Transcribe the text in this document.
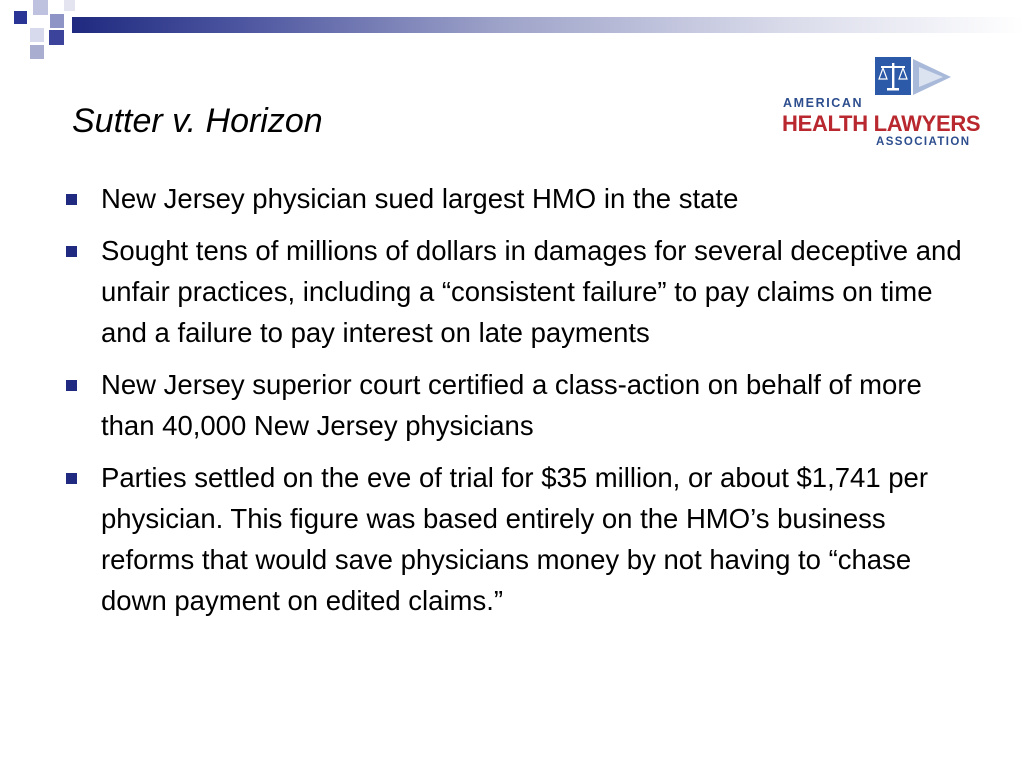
Sutter v. Horizon	AMERICAN
HEALTH LAWYERS
ASSOCIATION
New Jersey physician sued largest HMO in the state
Sought tens of millions of dollars in damages for several deceptive and unfair practices, including a “consistent failure” to pay claims on time and a failure to pay interest on late payments
New Jersey superior court certified a class-action on behalf of more than 40,000 New Jersey physicians
Parties settled on the eve of trial for $35 million, or about $1,741 per physician. This figure was based entirely on the HMO’s business reforms that would save physicians money by not having to “chase down payment on edited claims.”
